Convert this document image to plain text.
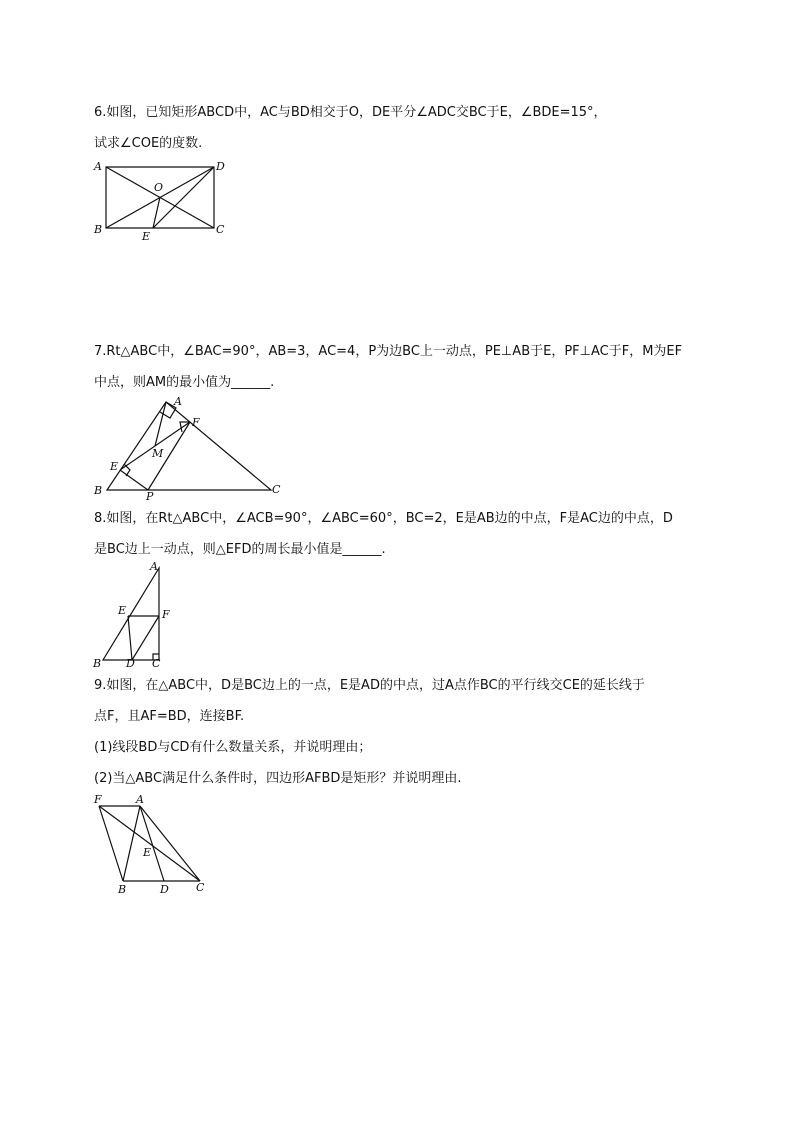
6.如图，已知矩形ABCD中，AC与BD相交于O，DE平分∠ADC交BC于E，∠BDE=15°，
试求∠COE的度数.
A	D
B	C
O
E
7.Rt△ABC中，∠BAC=90°，AB=3，AC=4，P为边BC上一动点，PE⊥AB于E，PF⊥AC于F，M为EF
中点，则AM的最小值为______.
A
F
M
E
B	P
C
8.如图，在Rt△ABC中，∠ACB=90°，∠ABC=60°，BC=2，E是AB边的中点，F是AC边的中点，D
是BC边上一动点，则△EFD的周长最小值是______.
A
E	F
B D C
9.如图，在△ABC中，D是BC边上的一点，E是AD的中点，过A点作BC的平行线交CE的延长线于
点F，且AF=BD，连接BF.
(1)线段BD与CD有什么数量关系，并说明理由；
(2)当△ABC满足什么条件时，四边形AFBD是矩形？并说明理由.
F	A
E
B	D C
